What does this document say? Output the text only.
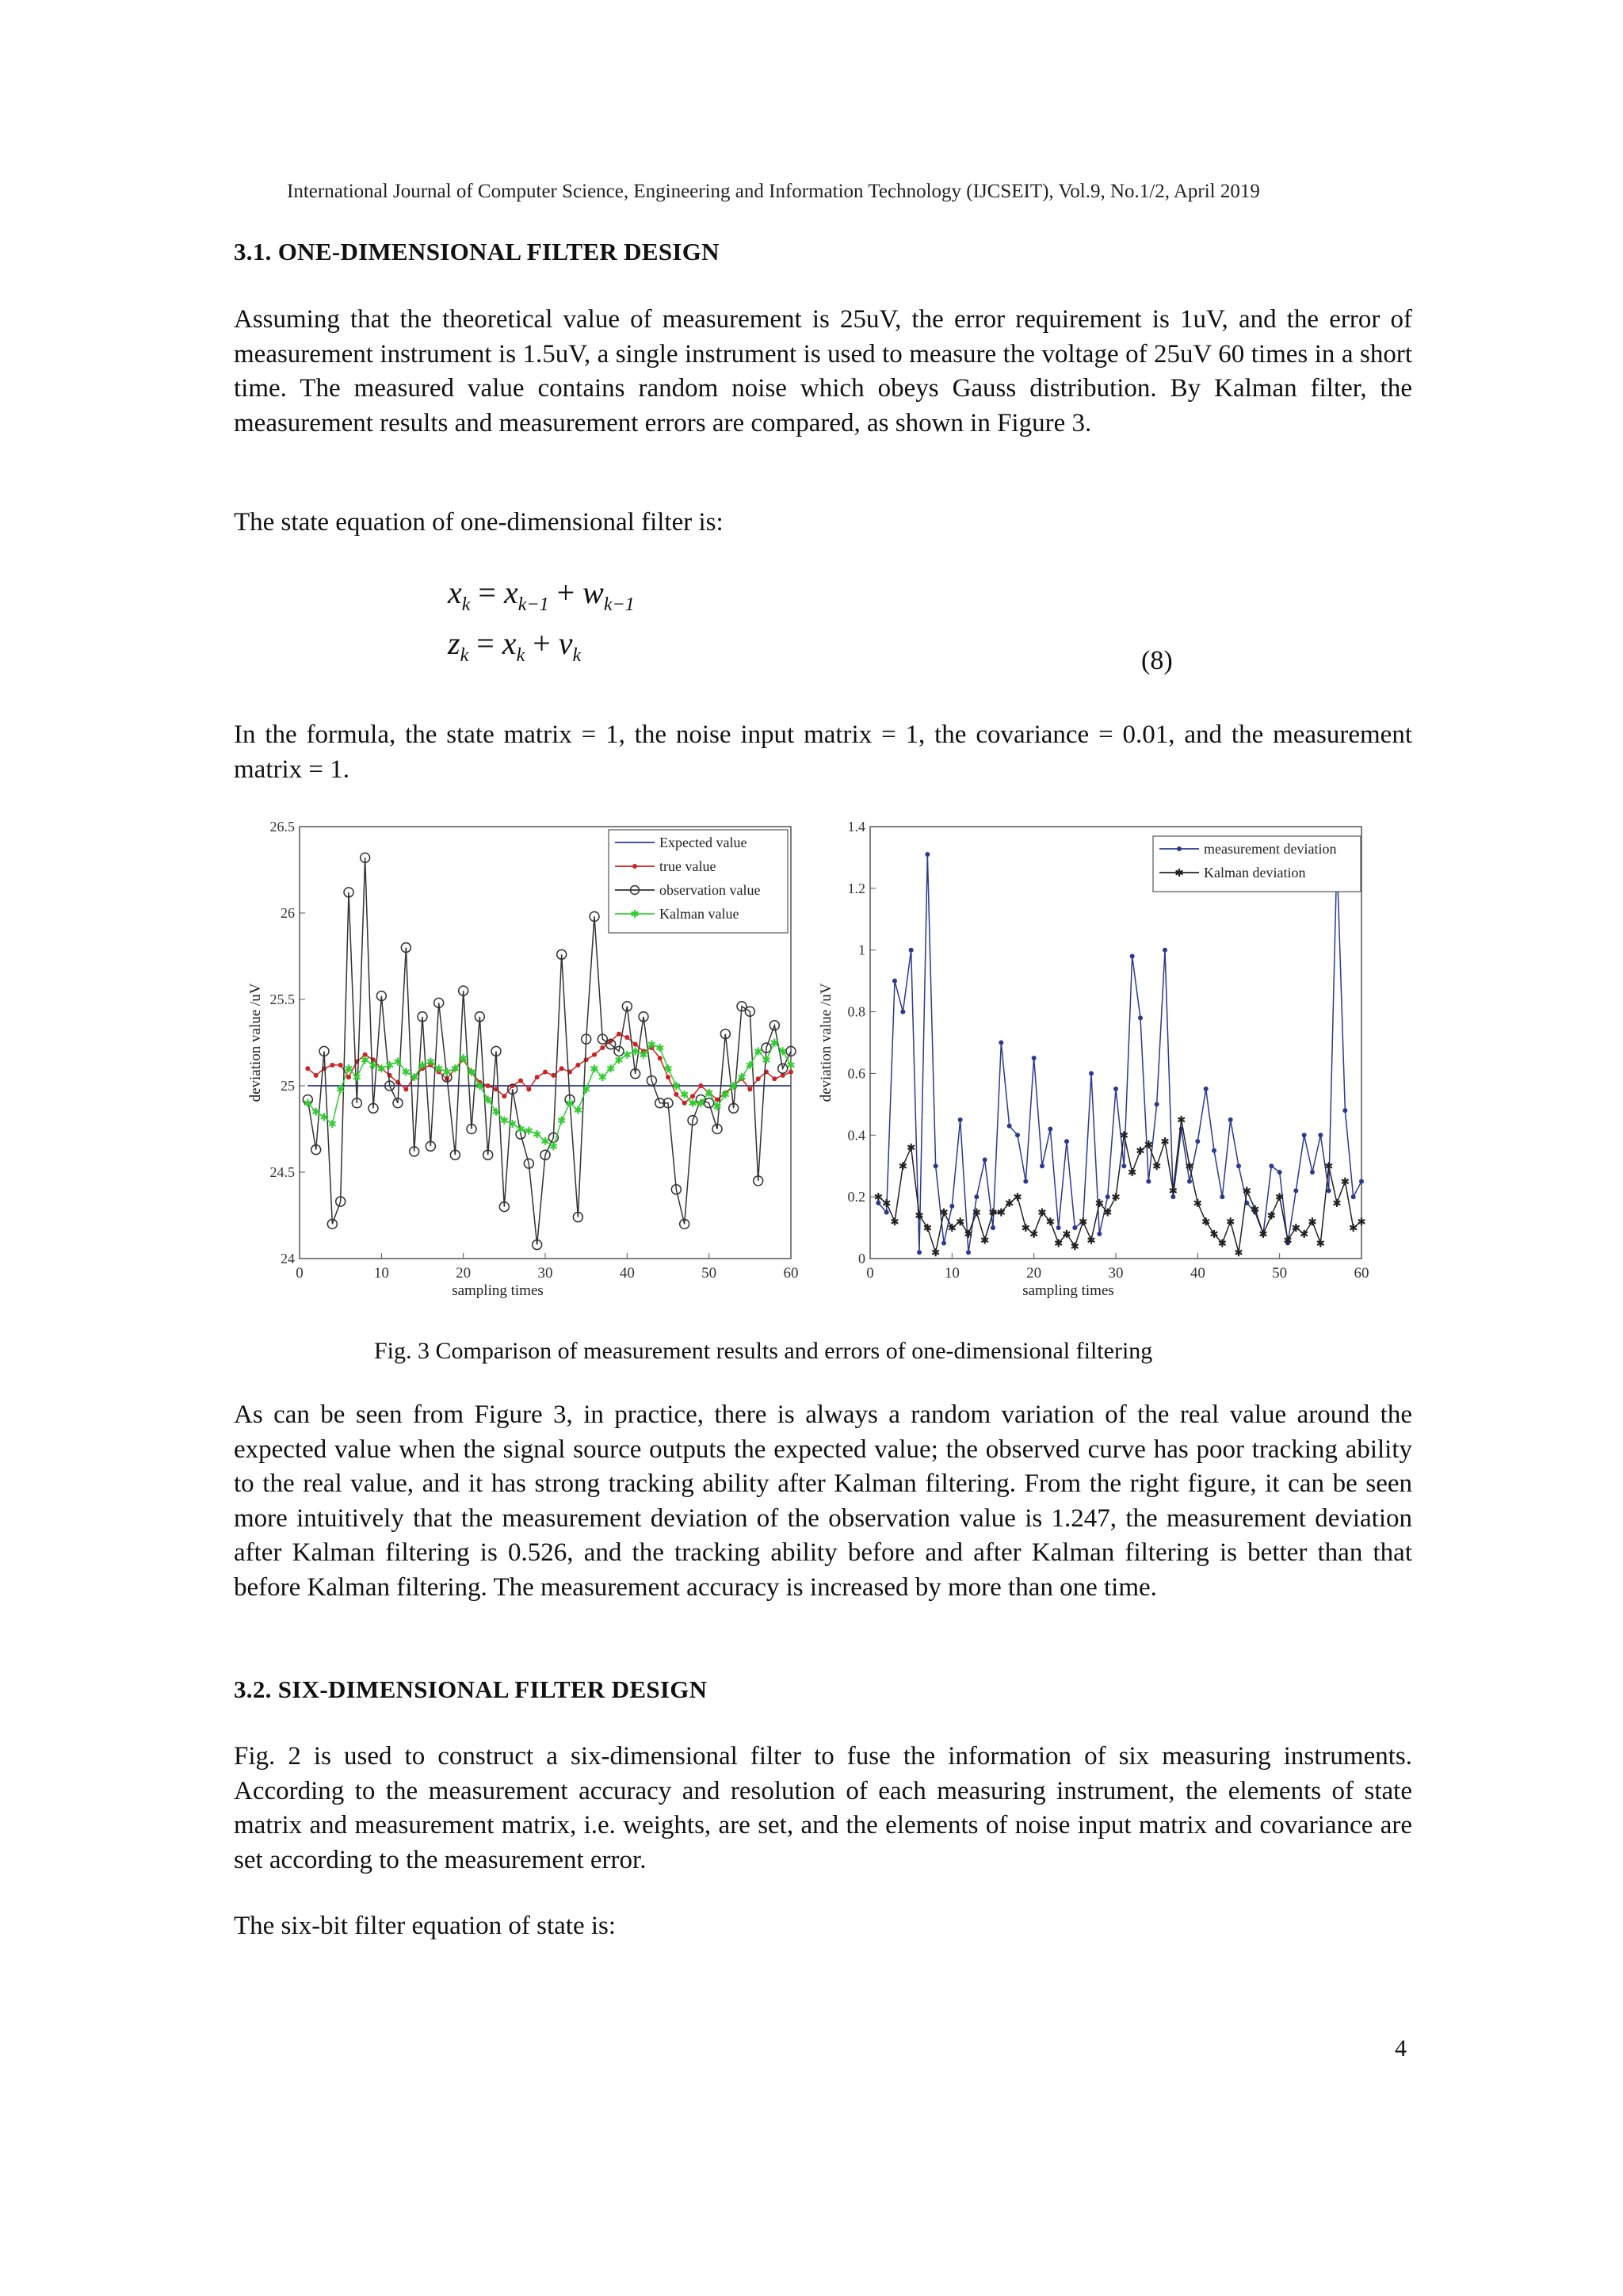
International Journal of Computer Science, Engineering and Information Technology (IJCSEIT), Vol.9, No.1/2, April 2019
3.1. ONE-DIMENSIONAL FILTER DESIGN
Assuming that the theoretical value of measurement is 25uV, the error requirement is 1uV, and the error of measurement instrument is 1.5uV, a single instrument is used to measure the voltage of 25uV 60 times in a short time. The measured value contains random noise which obeys Gauss distribution. By Kalman filter, the measurement results and measurement errors are compared, as shown in Figure 3.
The state equation of one-dimensional filter is:
$x_k = x_{k-1} + w_{k-1}$
$z_k = x_k + v_k$	(8)
In the formula, the state matrix = 1, the noise input matrix = 1, the covariance = 0.01, and the measurement matrix = 1.
0	10	20	30	40	50	60
24
24.5
25
25.5
26
26.5
sampling times
deviation value /uV
Expected value
true value
observation value
Kalman value
0	10	20	30	40	50	60
0
0.2
0.4
0.6
0.8
1
1.2
1.4
sampling times
deviation value /uV
measurement deviation
Kalman deviation
Fig. 3 Comparison of measurement results and errors of one-dimensional filtering
As can be seen from Figure 3, in practice, there is always a random variation of the real value around the expected value when the signal source outputs the expected value; the observed curve has poor tracking ability to the real value, and it has strong tracking ability after Kalman filtering. From the right figure, it can be seen more intuitively that the measurement deviation of the observation value is 1.247, the measurement deviation after Kalman filtering is 0.526, and the tracking ability before and after Kalman filtering is better than that before Kalman filtering. The measurement accuracy is increased by more than one time.
3.2. SIX-DIMENSIONAL FILTER DESIGN
Fig. 2 is used to construct a six-dimensional filter to fuse the information of six measuring instruments. According to the measurement accuracy and resolution of each measuring instrument, the elements of state matrix and measurement matrix, i.e. weights, are set, and the elements of noise input matrix and covariance are set according to the measurement error.
The six-bit filter equation of state is:
4
